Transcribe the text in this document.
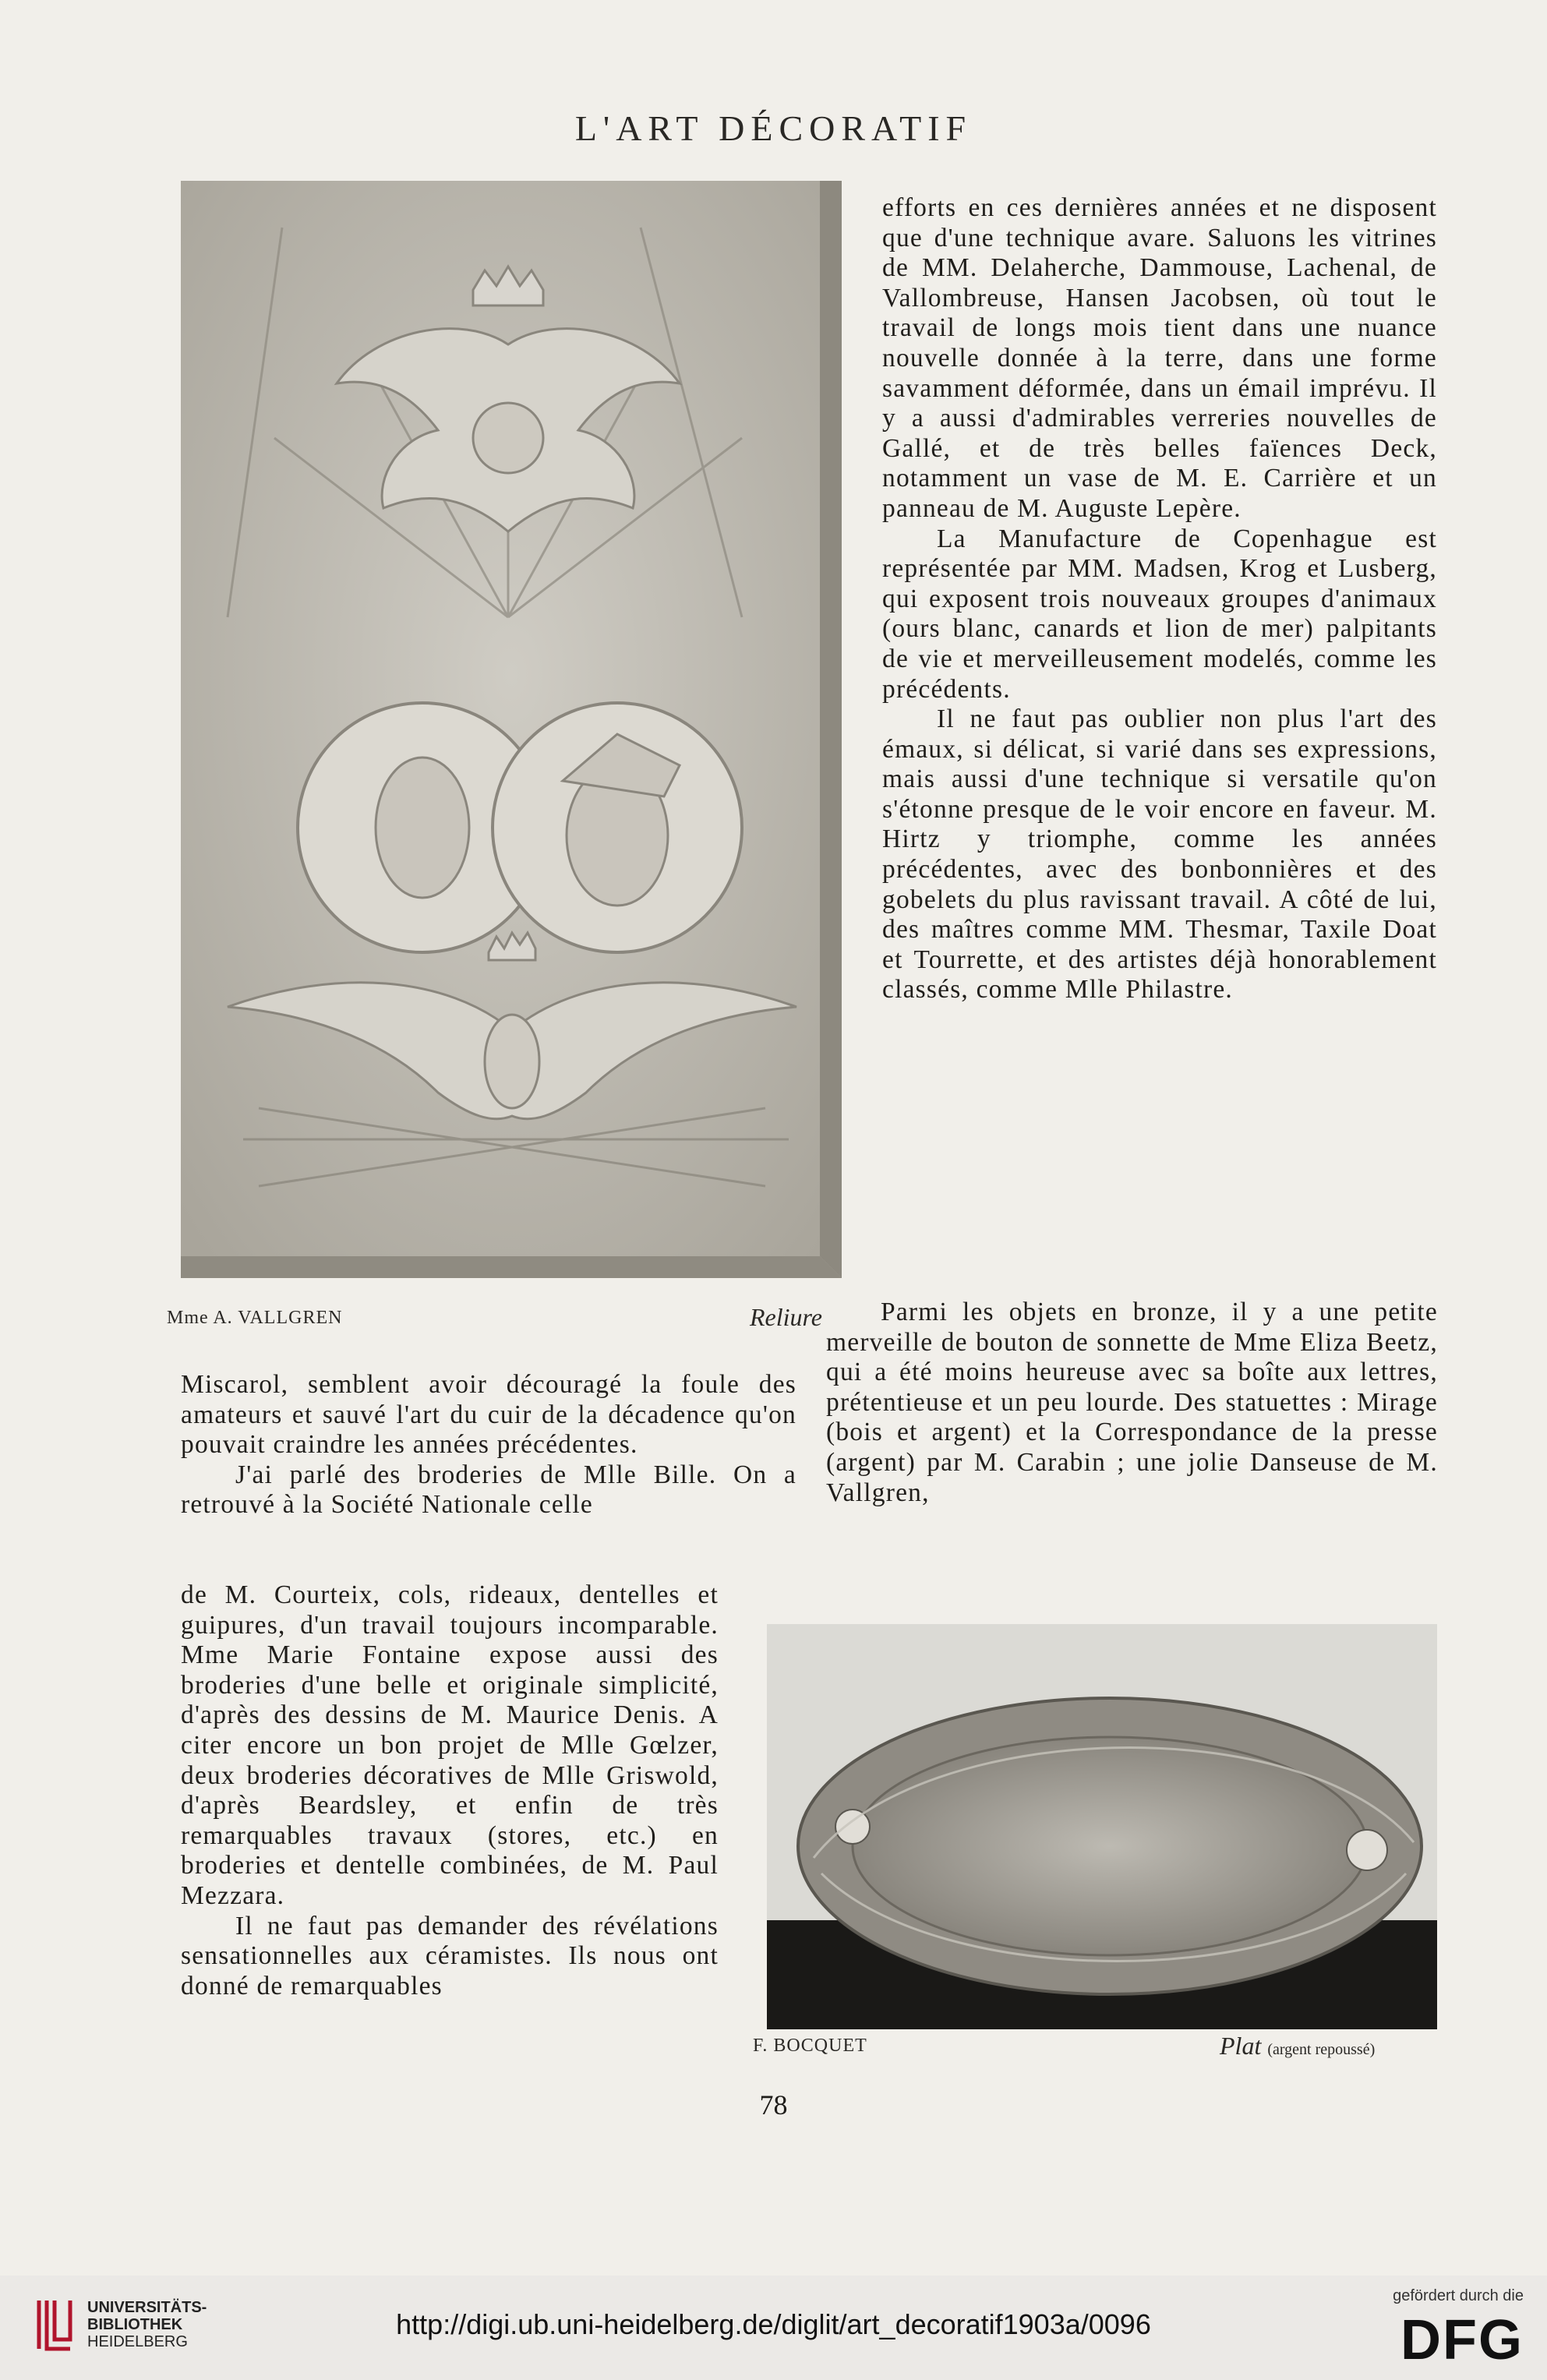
L'ART DÉCORATIF
Mme A. VALLGREN	Reliure

efforts en ces dernières années et ne disposent que d'une technique avare. Saluons les vitrines de MM. Delaherche, Dammouse, Lachenal, de Vallombreuse, Hansen Jacobsen, où tout le travail de longs mois tient dans une nuance nouvelle donnée à la terre, dans une forme savamment déformée, dans un émail imprévu. Il y a aussi d'admirables verreries nouvelles de Gallé, et de très belles faïences Deck, notamment un vase de M. E. Carrière et un panneau de M. Auguste Lepère.

La Manufacture de Copenhague est représentée par MM. Madsen, Krog et Lusberg, qui exposent trois nouveaux groupes d'animaux (ours blanc, canards et lion de mer) palpitants de vie et merveilleusement modelés, comme les précédents.

Il ne faut pas oublier non plus l'art des émaux, si délicat, si varié dans ses expressions, mais aussi d'une technique si versatile qu'on s'étonne presque de le voir encore en faveur. M. Hirtz y triomphe, comme les années précédentes, avec des bonbonnières et des gobelets du plus ravissant travail. A côté de lui, des maîtres comme MM. Thesmar, Taxile Doat et Tourrette, et des artistes déjà honorablement classés, comme Mlle Philastre.

Parmi les objets en bronze, il y a une petite merveille de bouton de sonnette de Mme Eliza Beetz, qui a été moins heureuse avec sa boîte aux lettres, prétentieuse et un peu lourde. Des statuettes : Mirage (bois et argent) et la Correspondance de la presse (argent) par M. Carabin ; une jolie Danseuse de M. Vallgren,

Miscarol, semblent avoir découragé la foule des amateurs et sauvé l'art du cuir de la décadence qu'on pouvait craindre les années précédentes.

J'ai parlé des broderies de Mlle Bille. On a retrouvé à la Société Nationale celle

de M. Courteix, cols, rideaux, dentelles et guipures, d'un travail toujours incomparable. Mme Marie Fontaine expose aussi des broderies d'une belle et originale simplicité, d'après des dessins de M. Maurice Denis. A citer encore un bon projet de Mlle Gœlzer, deux broderies décoratives de Mlle Griswold, d'après Beardsley, et enfin de très remarquables travaux (stores, etc.) en broderies et dentelle combinées, de M. Paul Mezzara.

Il ne faut pas demander des révélations sensationnelles aux céramistes. Ils nous ont donné de remarquables

F. BOCQUET	Plat (argent repoussé)
78
UNIVERSITÄTS-
BIBLIOTHEK
HEIDELBERG
http://digi.ub.uni-heidelberg.de/diglit/art_decoratif1903a/0096
gefördert durch die
DFG
